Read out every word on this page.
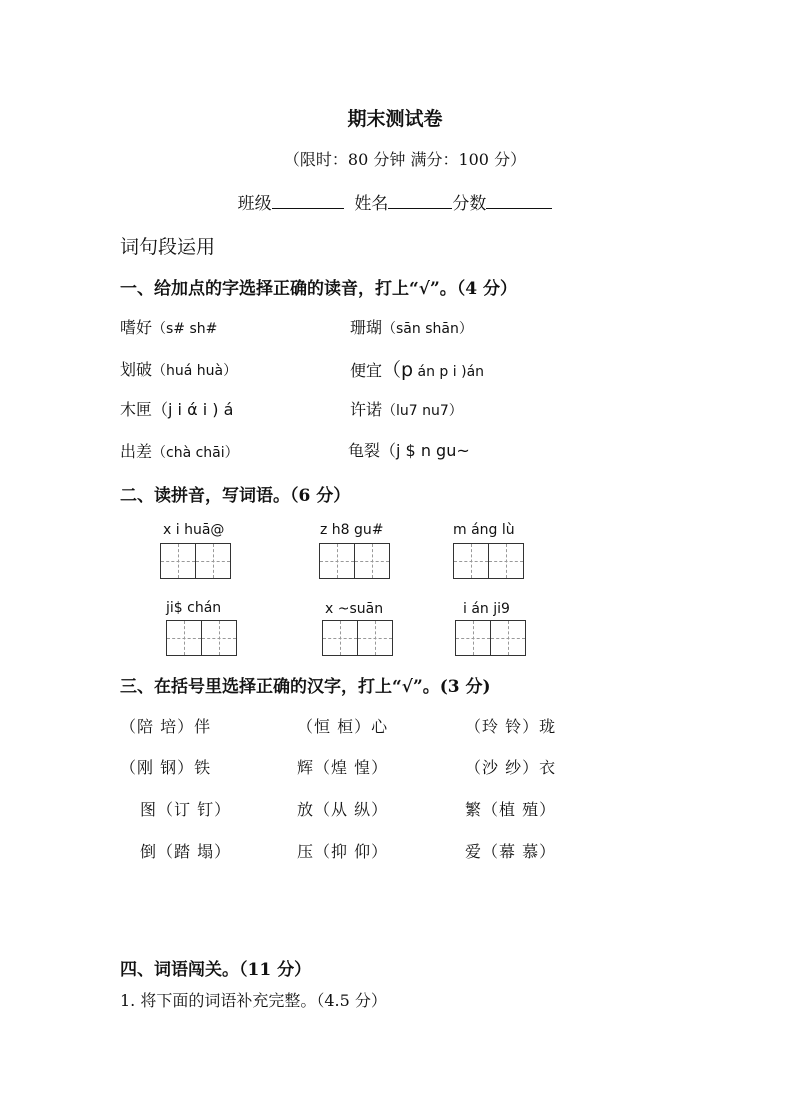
期末测试卷
（限时：80 分钟 满分：100 分）
班级	姓名	分数
词句段运用
一、给加点的字选择正确的读音，打上“√”。（4 分）
嗜好（s# sh#	珊瑚（sān shān）
划破（huá huà）	便宜（p án p i )án
木匣（j i ά i ) á	许诺（lu7 nu7）
出差（chà chāi）	龟裂（j $ n gu~
二、读拼音，写词语。（6 分）
x i huā@	z h8 gu#	m áng lù
ji$ chán	x ~suān	i án ji9
三、在括号里选择正确的汉字，打上“√”。(3 分)
（陪 培）伴	（恒 桓）心	（玲 铃）珑
（刚 钢）铁	辉（煌 惶）	（沙 纱）衣
图（订 钉）	放（从 纵）	繁（植 殖）
倒（踏 塌）	压（抑 仰）	爱（幕 慕）
四、词语闯关。（11 分）
1. 将下面的词语补充完整。（4.5 分）
